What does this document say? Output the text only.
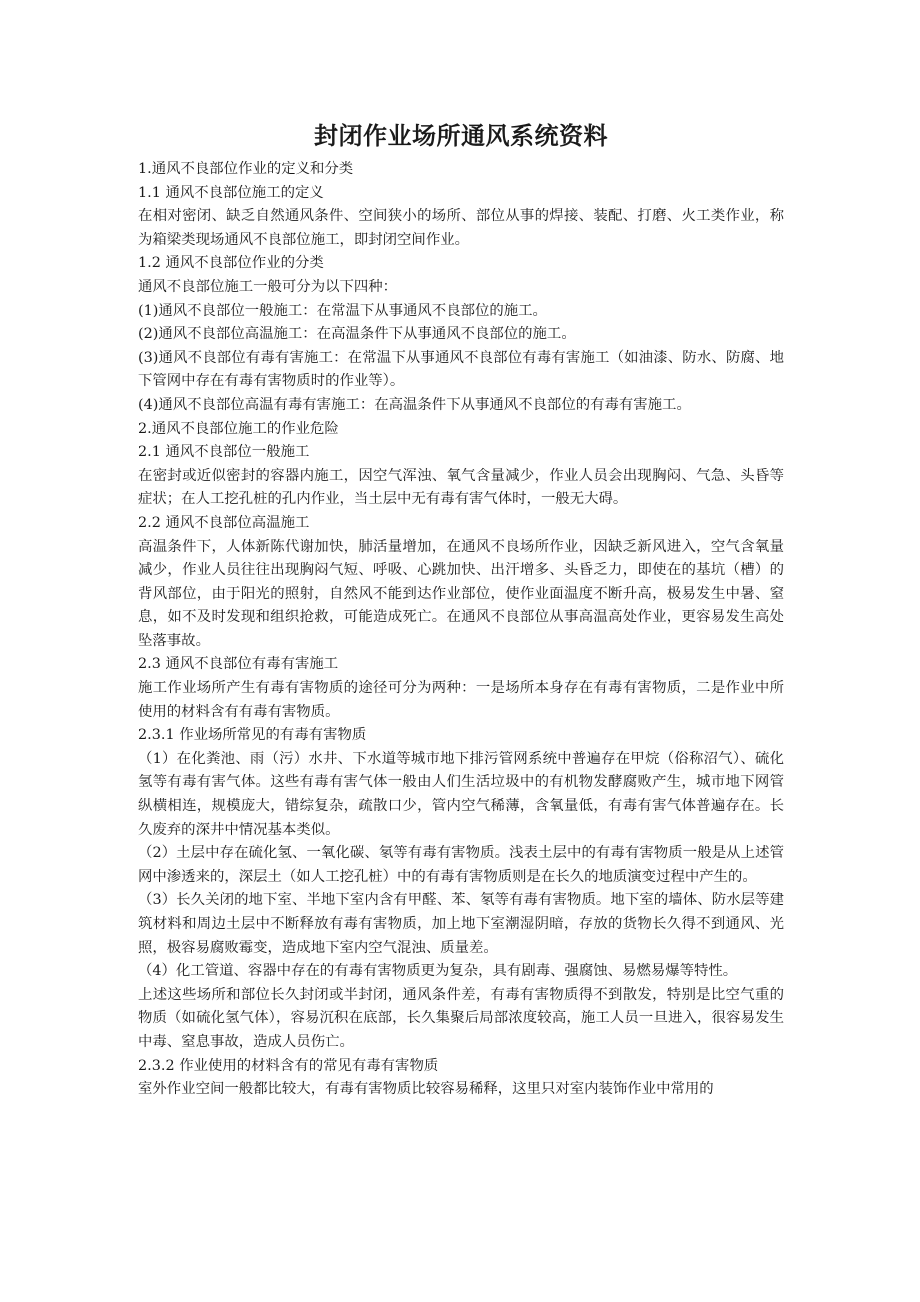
封闭作业场所通风系统资料

1.通风不良部位作业的定义和分类

1.1 通风不良部位施工的定义

在相对密闭、缺乏自然通风条件、空间狭小的场所、部位从事的焊接、装配、打磨、火工类作业，称为箱梁类现场通风不良部位施工，即封闭空间作业。

1.2 通风不良部位作业的分类

通风不良部位施工一般可分为以下四种：

(1)通风不良部位一般施工：在常温下从事通风不良部位的施工。

(2)通风不良部位高温施工：在高温条件下从事通风不良部位的施工。

(3)通风不良部位有毒有害施工：在常温下从事通风不良部位有毒有害施工（如油漆、防水、防腐、地下管网中存在有毒有害物质时的作业等）。

(4)通风不良部位高温有毒有害施工：在高温条件下从事通风不良部位的有毒有害施工。

2.通风不良部位施工的作业危险

2.1 通风不良部位一般施工

在密封或近似密封的容器内施工，因空气浑浊、氧气含量减少，作业人员会出现胸闷、气急、头昏等症状；在人工挖孔桩的孔内作业，当土层中无有毒有害气体时，一般无大碍。

2.2 通风不良部位高温施工

高温条件下，人体新陈代谢加快，肺活量增加，在通风不良场所作业，因缺乏新风进入，空气含氧量减少，作业人员往往出现胸闷气短、呼吸、心跳加快、出汗增多、头昏乏力，即使在的基坑（槽）的背风部位，由于阳光的照射，自然风不能到达作业部位，使作业面温度不断升高，极易发生中暑、窒息，如不及时发现和组织抢救，可能造成死亡。在通风不良部位从事高温高处作业，更容易发生高处坠落事故。

2.3 通风不良部位有毒有害施工

施工作业场所产生有毒有害物质的途径可分为两种：一是场所本身存在有毒有害物质，二是作业中所使用的材料含有有毒有害物质。

2.3.1 作业场所常见的有毒有害物质

（1）在化粪池、雨（污）水井、下水道等城市地下排污管网系统中普遍存在甲烷（俗称沼气）、硫化氢等有毒有害气体。这些有毒有害气体一般由人们生活垃圾中的有机物发酵腐败产生，城市地下网管纵横相连，规模庞大，错综复杂，疏散口少，管内空气稀薄，含氧量低，有毒有害气体普遍存在。长久废弃的深井中情况基本类似。

（2）土层中存在硫化氢、一氧化碳、氡等有毒有害物质。浅表土层中的有毒有害物质一般是从上述管网中渗透来的，深层土（如人工挖孔桩）中的有毒有害物质则是在长久的地质演变过程中产生的。

（3）长久关闭的地下室、半地下室内含有甲醛、苯、氡等有毒有害物质。地下室的墙体、防水层等建筑材料和周边土层中不断释放有毒有害物质，加上地下室潮湿阴暗，存放的货物长久得不到通风、光照，极容易腐败霉变，造成地下室内空气混浊、质量差。

（4）化工管道、容器中存在的有毒有害物质更为复杂，具有剧毒、强腐蚀、易燃易爆等特性。

上述这些场所和部位长久封闭或半封闭，通风条件差，有毒有害物质得不到散发，特别是比空气重的物质（如硫化氢气体），容易沉积在底部，长久集聚后局部浓度较高，施工人员一旦进入，很容易发生中毒、窒息事故，造成人员伤亡。

2.3.2 作业使用的材料含有的常见有毒有害物质

室外作业空间一般都比较大，有毒有害物质比较容易稀释，这里只对室内装饰作业中常用的
